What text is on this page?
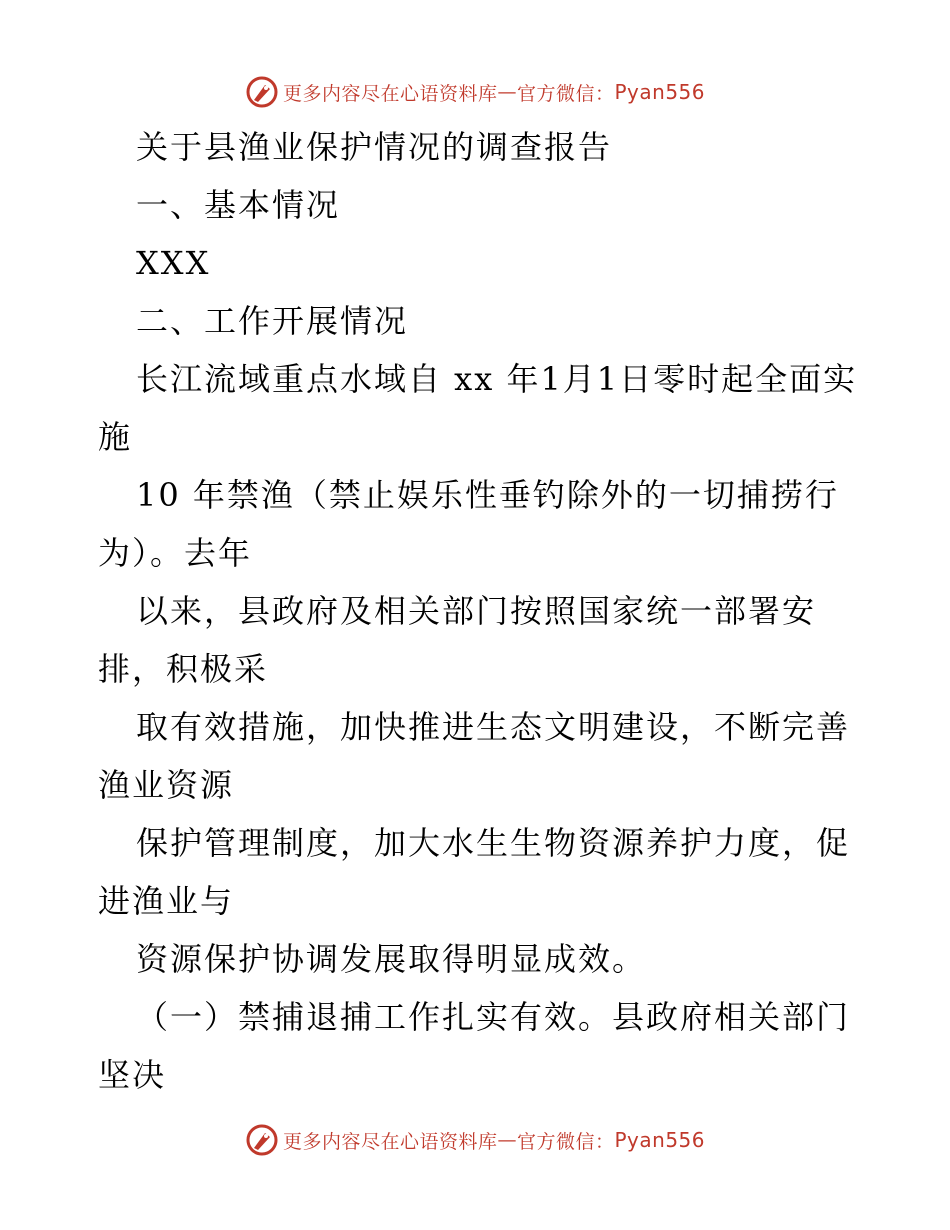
更多内容尽在心语资料库 — 官方微信： Pyan556

关于县渔业保护情况的调查报告

一、基本情况

XXX

二、工作开展情况

长江流域重点水域自 xx 年1月1日零时起全面实施

10 年禁渔（禁止娱乐性垂钓除外的一切捕捞行为）。去年

以来，县政府及相关部门按照国家统一部署安排，积极采

取有效措施，加快推进生态文明建设，不断完善渔业资源

保护管理制度，加大水生生物资源养护力度，促进渔业与

资源保护协调发展取得明显成效。

（一）禁捕退捕工作扎实有效。县政府相关部门坚决

更多内容尽在心语资料库 — 官方微信： Pyan556
